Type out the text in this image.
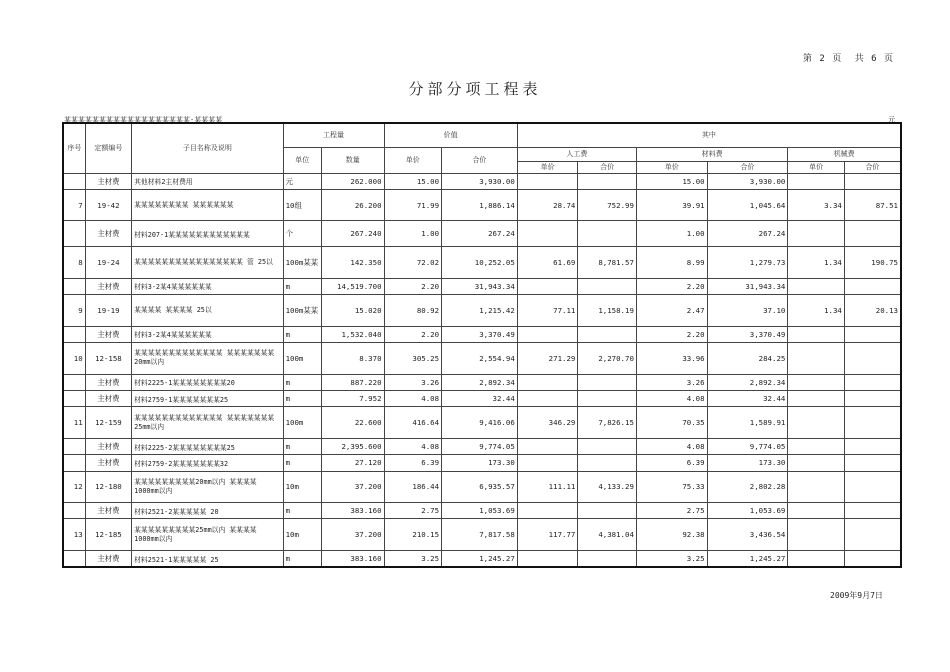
第 2 页 共 6 页
分部分项工程表
某某某某某某某某某某某某某某某某某某-某某某某	元
序号	定额编号	子目名称及说明	工程量		价值		其中					
			单位	数量	单价	合价	人工费		材料费		机械费	
							单价	合价	单价	合价	单价	合价
	主材费	其他材料2主材费用	元	262.000	15.00	3,930.00			15.00	3,930.00		
7	19-42	某某某某某某某某 某某某某某某	10组	26.200	71.99	1,886.14	28.74	752.99	39.91	1,045.64	3.34	87.51
	主材费	材料207-1某某某某某某某某某某某某	个	267.240	1.00	267.24			1.00	267.24		
8	19-24	某某某某某某某某某某某某某某某某 管 25以	100m某某	142.350	72.02	10,252.05	61.69	8,781.57	8.99	1,279.73	1.34	190.75
	主材费	材料3-2某4某某某某某某	m	14,519.700	2.20	31,943.34			2.20	31,943.34		
9	19-19	某某某某 某某某某 25以	100m某某	15.020	80.92	1,215.42	77.11	1,158.19	2.47	37.10	1.34	20.13
	主材费	材料3-2某4某某某某某某	m	1,532.040	2.20	3,370.49			2.20	3,370.49		
10	12-158	某某某某某某某某某某某某某 某某某某某某某20mm以内	100m	8.370	305.25	2,554.94	271.29	2,270.70	33.96	284.25		
	主材费	材料2225-1某某某某某某某某20	m	887.220	3.26	2,892.34			3.26	2,892.34		
	主材费	材料2759-1某某某某某某某25	m	7.952	4.08	32.44			4.08	32.44		
11	12-159	某某某某某某某某某某某某某 某某某某某某某25mm以内	100m	22.600	416.64	9,416.06	346.29	7,826.15	70.35	1,589.91		
	主材费	材料2225-2某某某某某某某某25	m	2,395.600	4.08	9,774.05			4.08	9,774.05		
	主材费	材料2759-2某某某某某某某32	m	27.120	6.39	173.30			6.39	173.30		
12	12-180	某某某某某某某某某20mm以内 某某某某1000mm以内	10m	37.200	186.44	6,935.57	111.11	4,133.29	75.33	2,802.28		
	主材费	材料2521-2某某某某某 20	m	383.160	2.75	1,053.69			2.75	1,053.69		
13	12-185	某某某某某某某某某25mm以内 某某某某1000mm以内	10m	37.200	210.15	7,817.58	117.77	4,381.04	92.38	3,436.54		
	主材费	材料2521-1某某某某某 25	m	383.160	3.25	1,245.27			3.25	1,245.27		
2009年9月7日
